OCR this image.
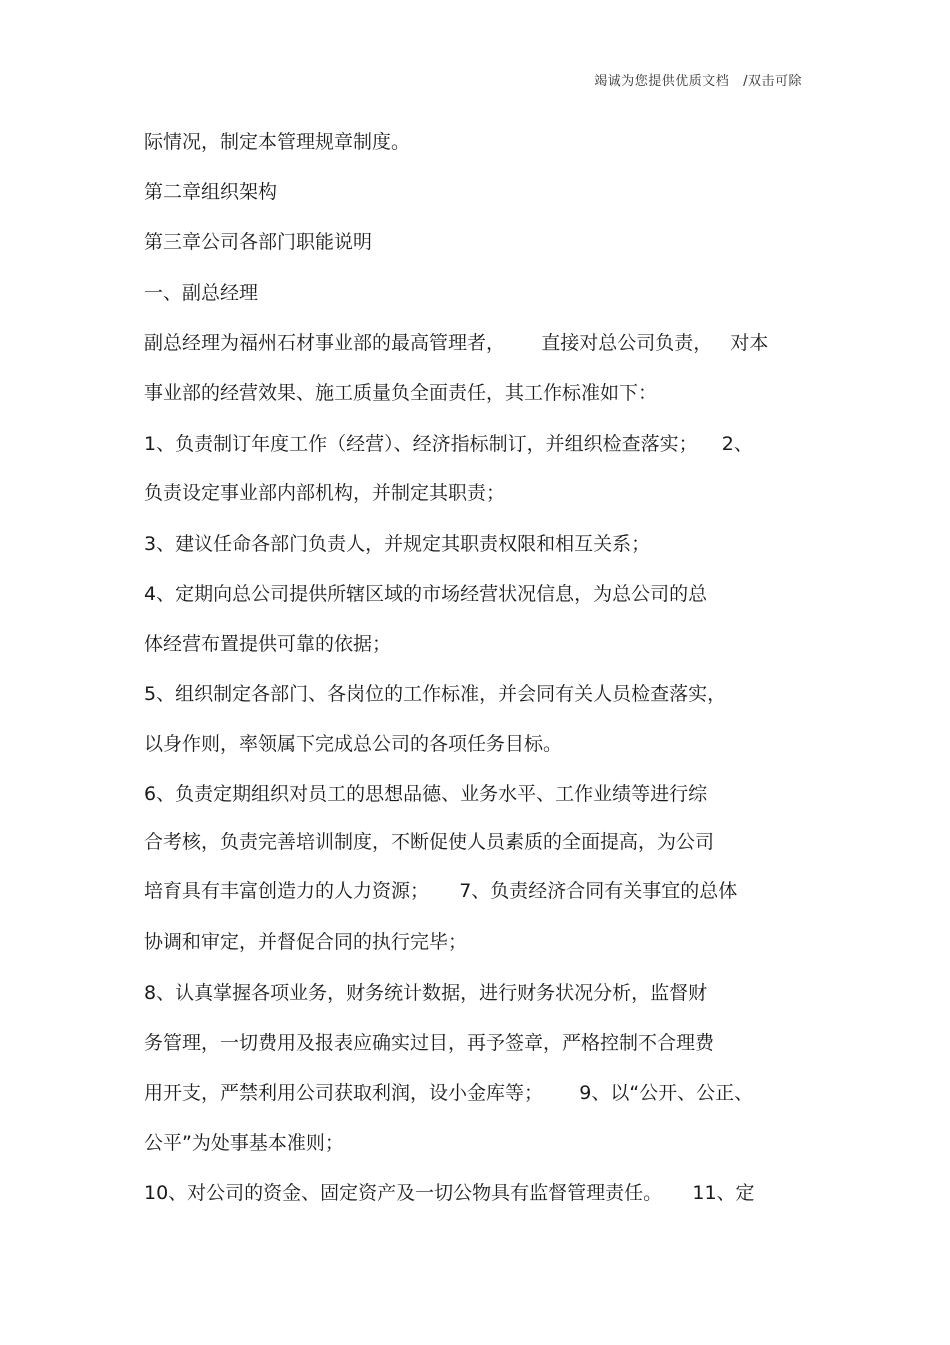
竭诚为您提供优质文档   /双击可除
际情况，制定本管理规章制度。
第二章组织架构
第三章公司各部门职能说明
一、副总经理
副总经理为福州石材事业部的最高管理者，      直接对总公司负责，   对本
事业部的经营效果、施工质量负全面责任，其工作标准如下：
1、负责制订年度工作（经营）、经济指标制订，并组织检查落实；    2、
负责设定事业部内部机构，并制定其职责；
3、建议任命各部门负责人，并规定其职责权限和相互关系；
4、定期向总公司提供所辖区域的市场经营状况信息，为总公司的总
体经营布置提供可靠的依据；
5、组织制定各部门、各岗位的工作标准，并会同有关人员检查落实，
以身作则，率领属下完成总公司的各项任务目标。
6、负责定期组织对员工的思想品德、业务水平、工作业绩等进行综
合考核，负责完善培训制度，不断促使人员素质的全面提高，为公司
培育具有丰富创造力的人力资源；     7、负责经济合同有关事宜的总体
协调和审定，并督促合同的执行完毕；
8、认真掌握各项业务，财务统计数据，进行财务状况分析，监督财
务管理，一切费用及报表应确实过目，再予签章，严格控制不合理费
用开支，严禁利用公司获取利润，设小金库等；      9、以“公开、公正、
公平”为处事基本准则；
10、对公司的资金、固定资产及一切公物具有监督管理责任。     11、定
